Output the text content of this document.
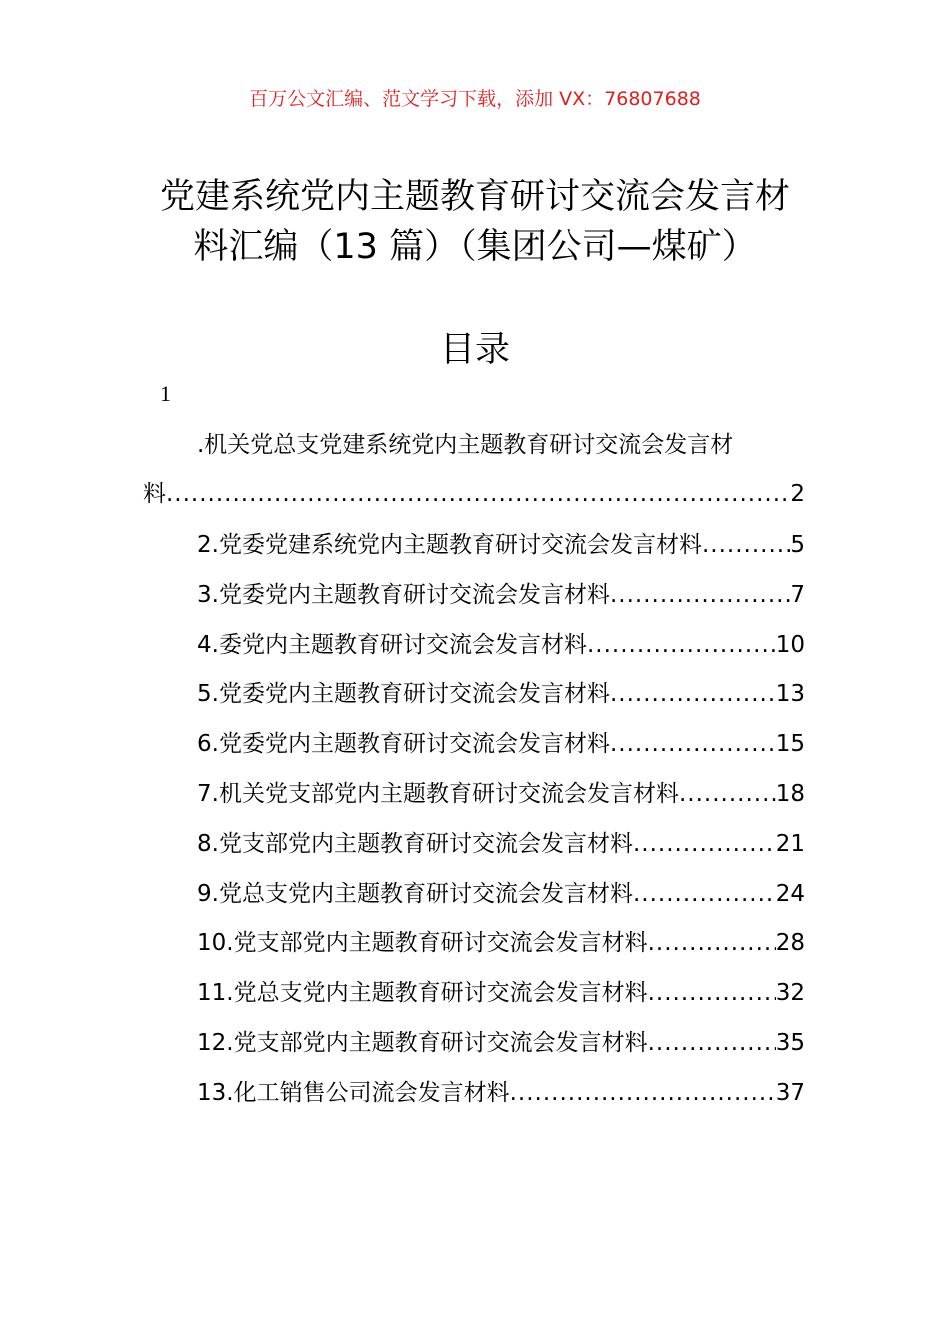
百万公文汇编、范文学习下载，添加 VX：76807688
党建系统党内主题教育研讨交流会发言材
料汇编（13 篇）（集团公司—煤矿）
目录
1
.机关党总支党建系统党内主题教育研讨交流会发言材
料 .....	2
2.党委党建系统党内主题教育研讨交流会发言材料 .....	5
3.党委党内主题教育研讨交流会发言材料 .....	7
4.委党内主题教育研讨交流会发言材料 .....	10
5.党委党内主题教育研讨交流会发言材料 .....	13
6.党委党内主题教育研讨交流会发言材料 .....	15
7.机关党支部党内主题教育研讨交流会发言材料 .....	18
8.党支部党内主题教育研讨交流会发言材料 .....	21
9.党总支党内主题教育研讨交流会发言材料 .....	24
10.党支部党内主题教育研讨交流会发言材料 .....	28
11.党总支党内主题教育研讨交流会发言材料 .....	32
12.党支部党内主题教育研讨交流会发言材料 .....	35
13.化工销售公司流会发言材料 .....	37
